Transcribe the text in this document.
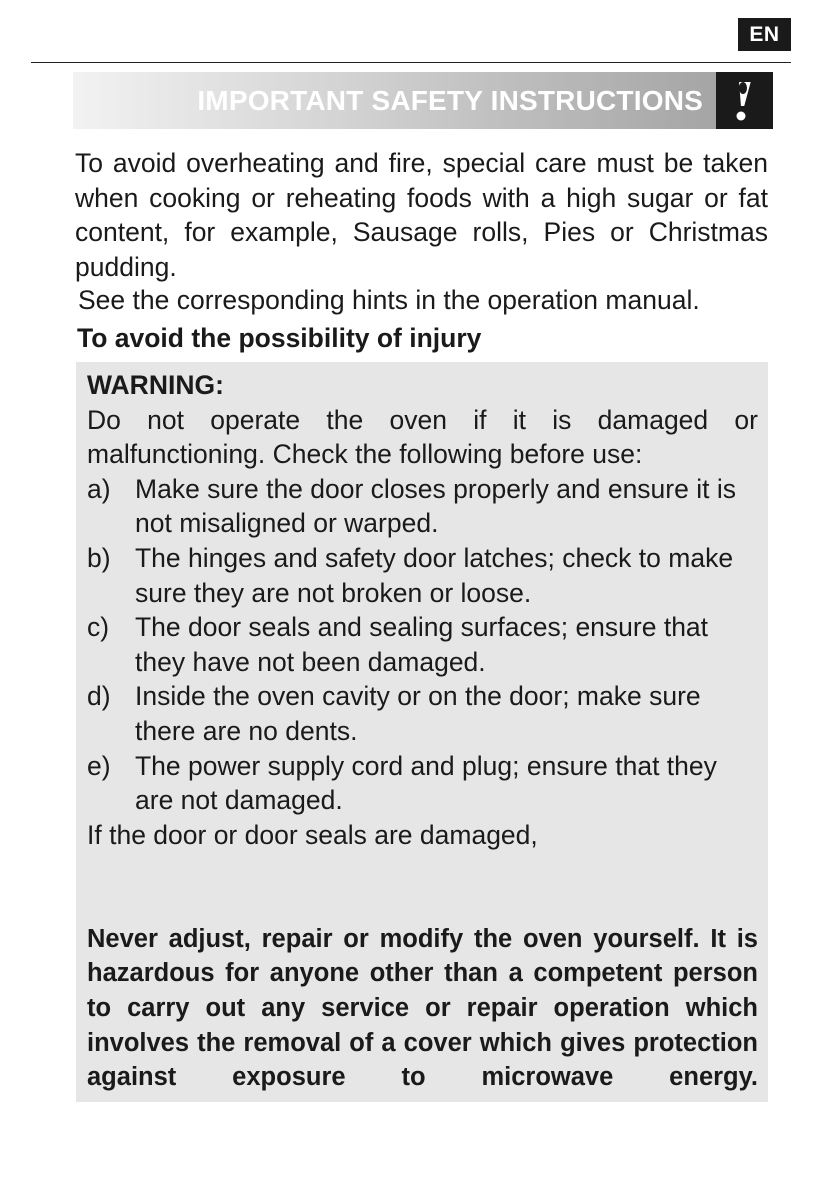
EN
IMPORTANT SAFETY INSTRUCTIONS

To avoid overheating and fire, special care must be taken when cooking or reheating foods with a high sugar or fat content, for example, Sausage rolls, Pies or Christmas pudding.

See the corresponding hints in the operation manual.

To avoid the possibility of injury

WARNING:

Do not operate the oven if it is damaged or malfunctioning. Check the following before use:

a) Make sure the door closes properly and ensure it is not misaligned or warped.
b) The hinges and safety door latches; check to make sure they are not broken or loose.
c) The door seals and sealing surfaces; ensure that they have not been damaged.
d) Inside the oven cavity or on the door; make sure there are no dents.
e) The power supply cord and plug; ensure that they are not damaged.

If the door or door seals are damaged,

Never adjust, repair or modify the oven yourself. It is hazardous for anyone other than a competent person to carry out any service or repair operation which involves the removal of a cover which gives protection against exposure to microwave energy.
